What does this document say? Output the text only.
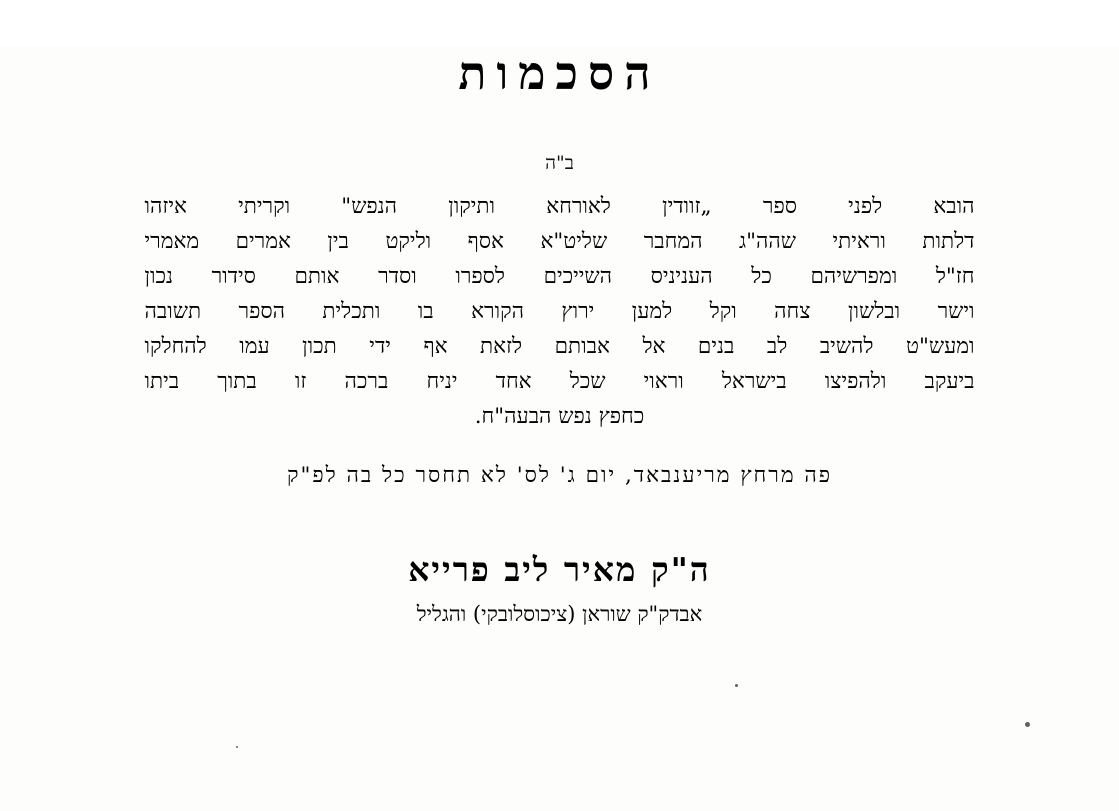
הסכמות
ב"ה
הובא לפני ספר „זוודין לאורחא ותיקון הנפש" וקריתי איזהו
דלתות וראיתי שהה"ג המחבר שליט"א אסף וליקט בין אמרים מאמרי
חז"ל ומפרשיהם כל העניניס השייכים לספרו וסדר אותם סידור נכון
וישר ובלשון צחה וקל למען ירוץ הקורא בו ותכלית הספר תשובה
ומעש"ט להשיב לב בנים אל אבותם לזאת אף ידי תכון עמו להחלקו
ביעקב ולהפיצו בישראל וראוי שכל אחד יניח ברכה זו בתוך ביתו
כחפץ נפש הבעה"ח.
פה מרחץ מריענבאד, יום ג' לס' לא תחסר כל בה לפ"ק
ה"ק מאיר ליב פרייא
אבדק"ק שוראן (ציכוסלובקי) והגליל
